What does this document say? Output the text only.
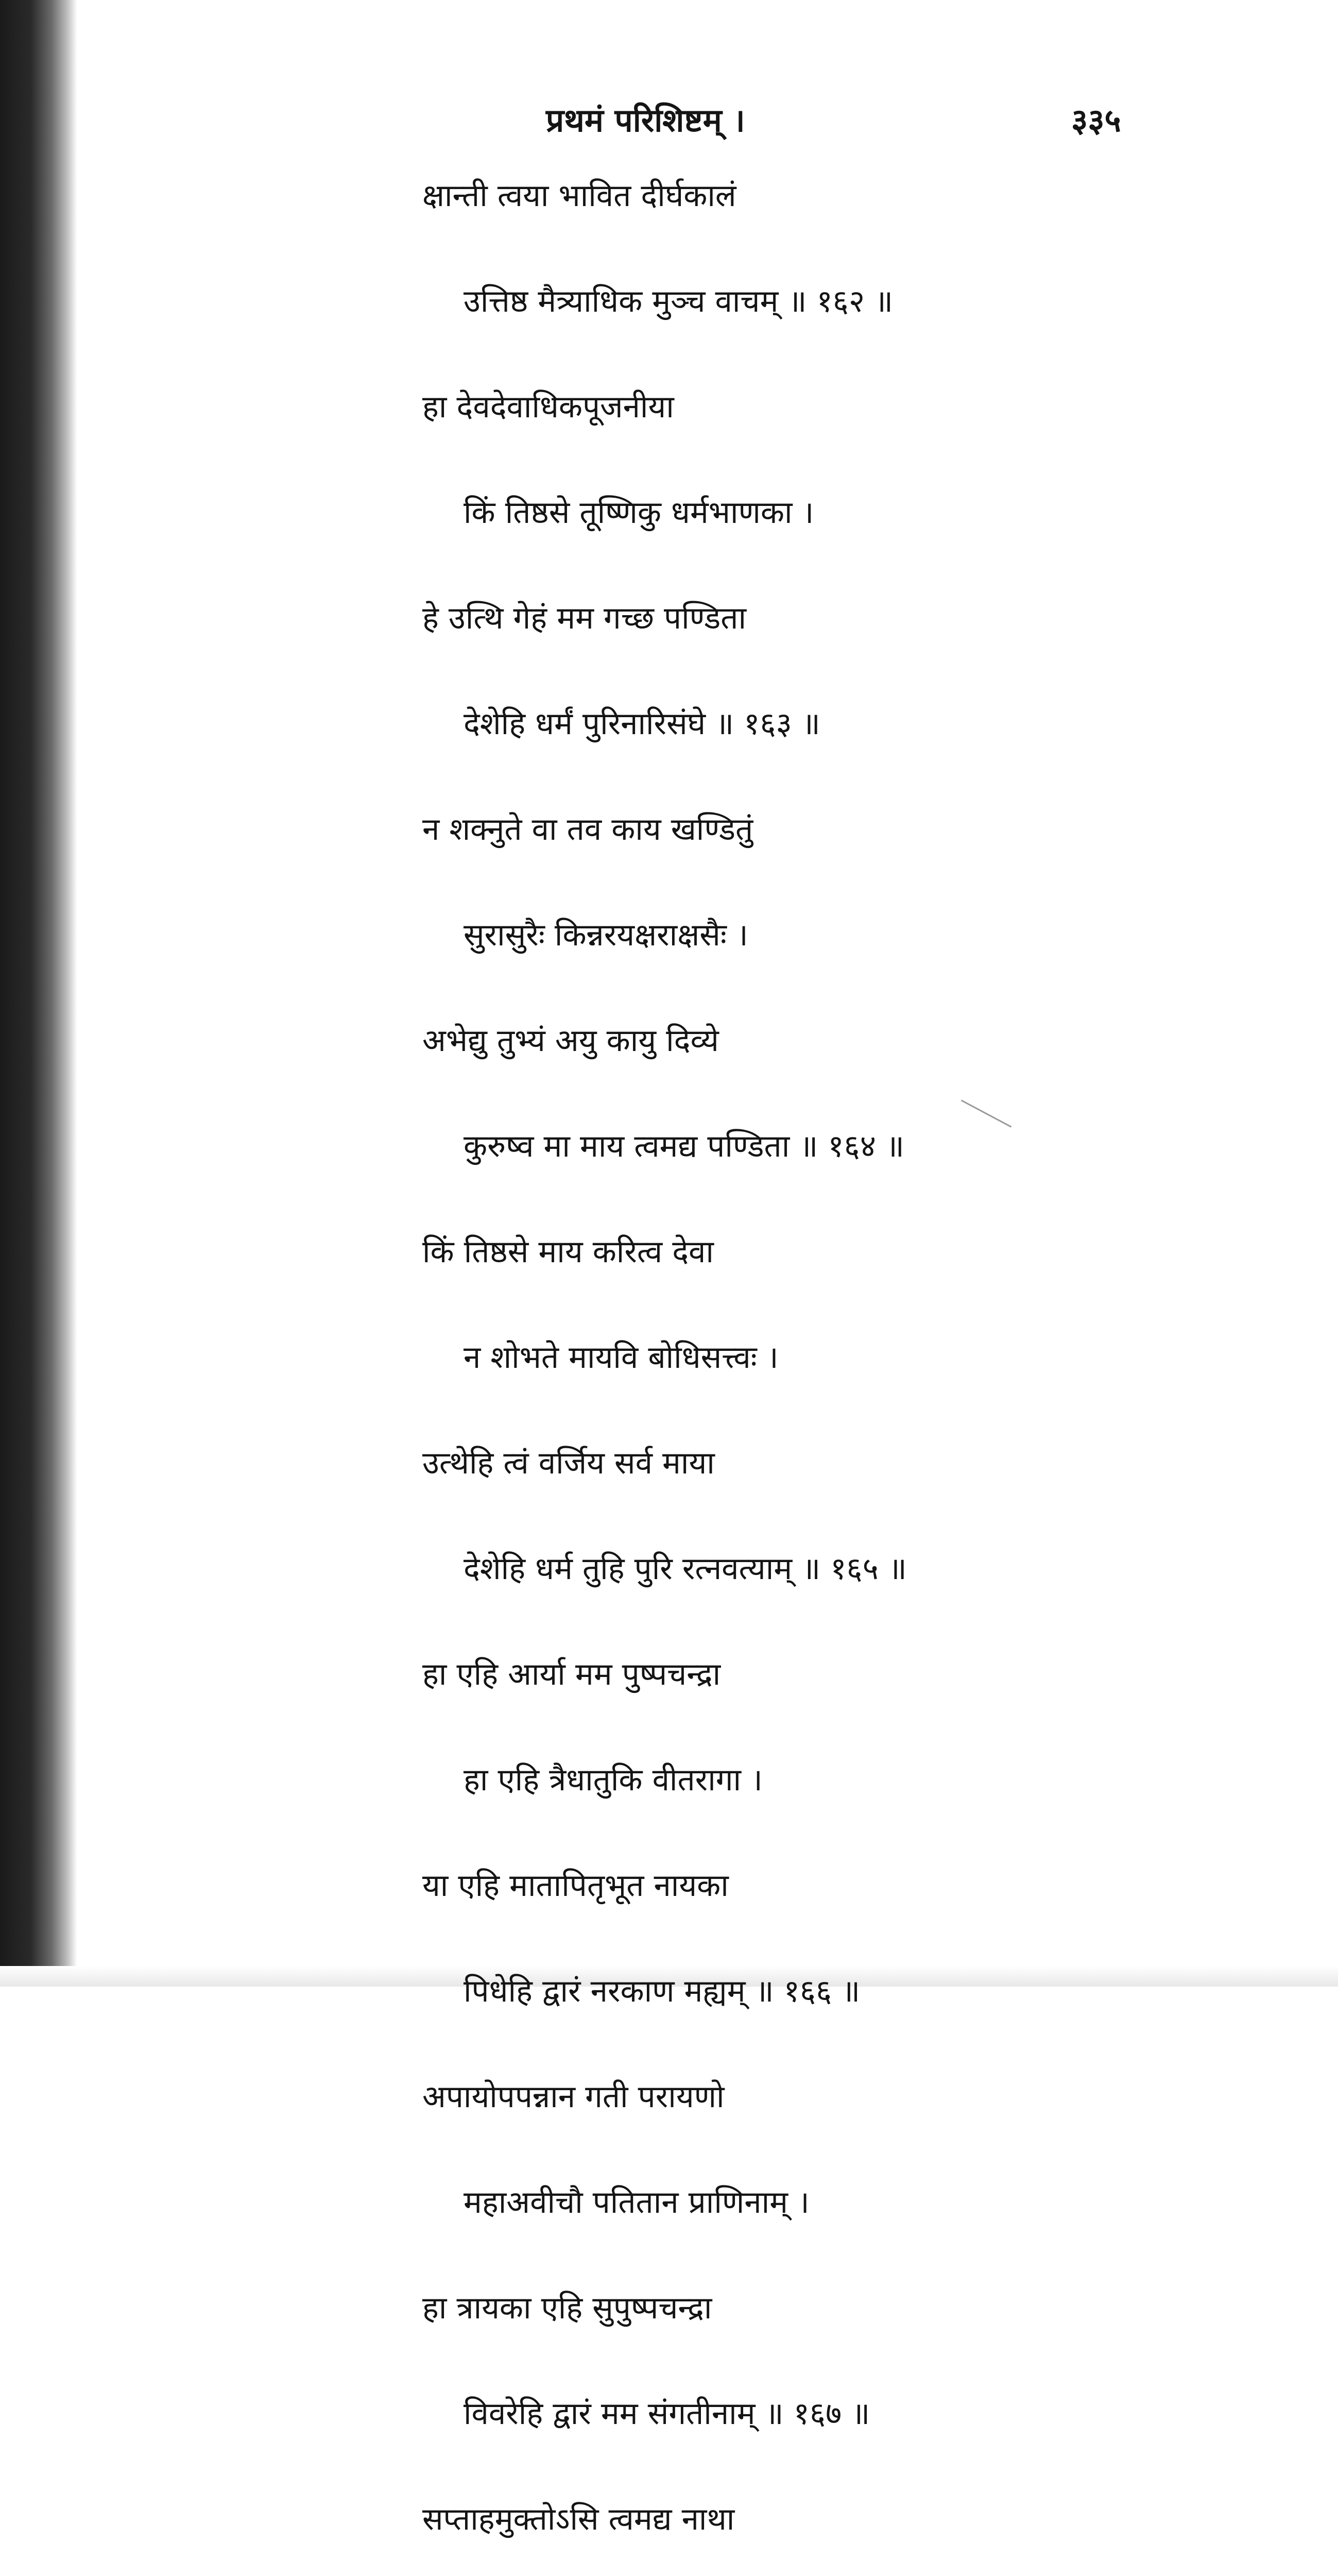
प्रथमं परिशिष्टम् ।	३३५
क्षान्ती त्वया भावित दीर्घकालं
उत्तिष्ठ मैत्र्याधिक मुञ्च वाचम् ॥ १६२ ॥
हा देवदेवाधिकपूजनीया
किं तिष्ठसे तूष्णिकु धर्मभाणका ।
हे उत्थि गेहं मम गच्छ पण्डिता
देशेहि धर्मं पुरिनारिसंघे ॥ १६३ ॥
न शक्नुते वा तव काय खण्डितुं
सुरासुरैः किन्नरयक्षराक्षसैः ।
अभेद्यु तुभ्यं अयु कायु दिव्ये
कुरुष्व मा माय त्वमद्य पण्डिता ॥ १६४ ॥
किं तिष्ठसे माय करित्व देवा
न शोभते मायवि बोधिसत्त्वः ।
उत्थेहि त्वं वर्जिय सर्व माया
देशेहि धर्म तुहि पुरि रत्नवत्याम् ॥ १६५ ॥
हा एहि आर्या मम पुष्पचन्द्रा
हा एहि त्रैधातुकि वीतरागा ।
या एहि मातापितृभूत नायका
पिधेहि द्वारं नरकाण मह्यम् ॥ १६६ ॥
अपायोपपन्नान गती परायणो
महाअवीचौ पतितान प्राणिनाम् ।
हा त्रायका एहि सुपुष्पचन्द्रा
विवरेहि द्वारं मम संगतीनाम् ॥ १६७ ॥
सप्ताहमुक्तोऽसि त्वमद्य नाथा
